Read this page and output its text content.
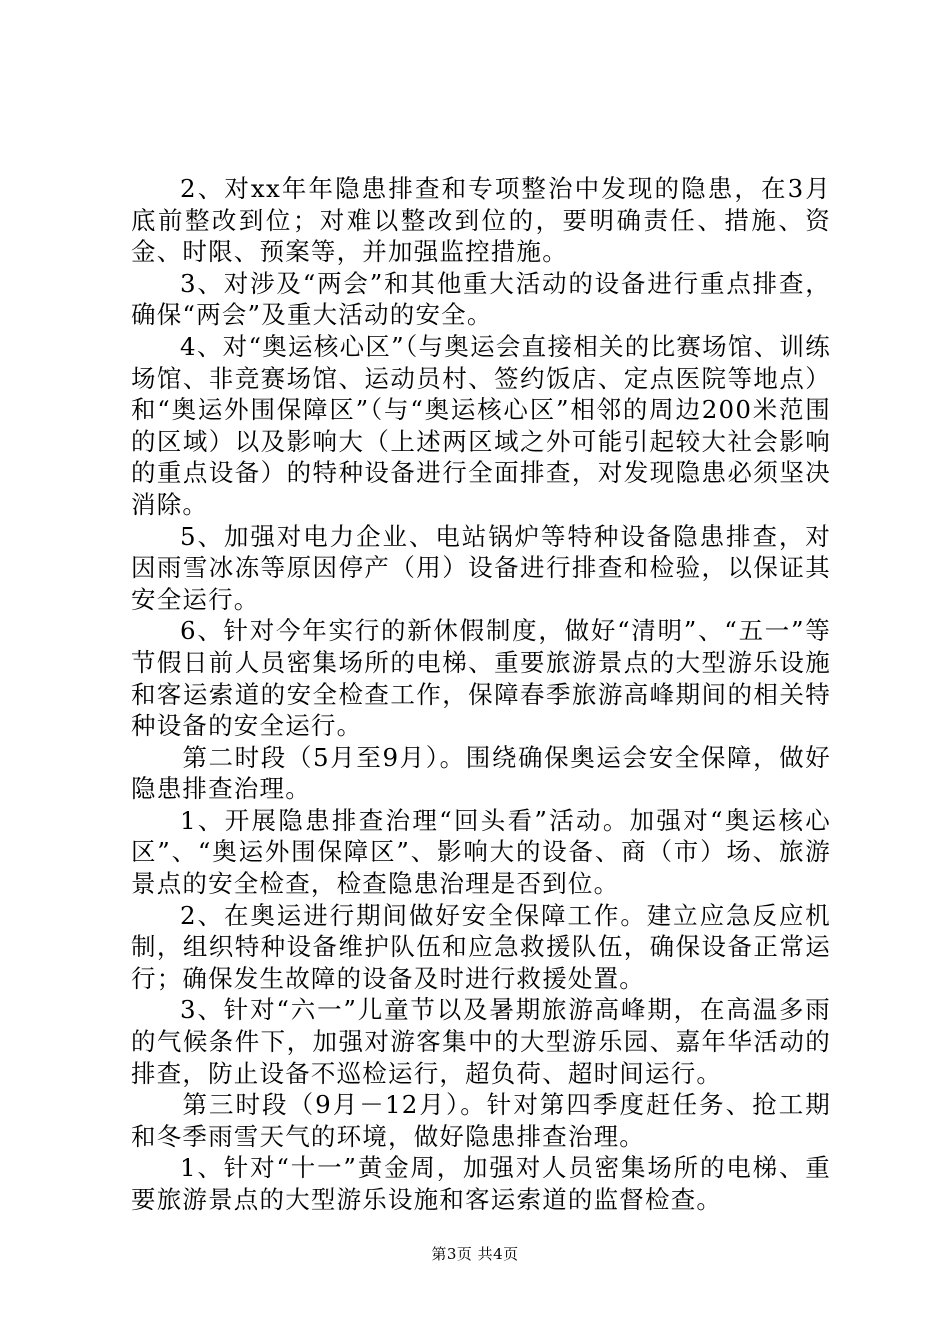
2、对xx年年隐患排查和专项整治中发现的隐患，在3月底前整改到位；对难以整改到位的，要明确责任、措施、资金、时限、预案等，并加强监控措施。

3、对涉及“两会”和其他重大活动的设备进行重点排查，确保“两会”及重大活动的安全。

4、对“奥运核心区”（与奥运会直接相关的比赛场馆、训练场馆、非竞赛场馆、运动员村、签约饭店、定点医院等地点）和“奥运外围保障区”（与“奥运核心区”相邻的周边200米范围的区域）以及影响大（上述两区域之外可能引起较大社会影响的重点设备）的特种设备进行全面排查，对发现隐患必须坚决消除。

5、加强对电力企业、电站锅炉等特种设备隐患排查，对因雨雪冰冻等原因停产（用）设备进行排查和检验，以保证其安全运行。

6、针对今年实行的新休假制度，做好“清明”、“五一”等节假日前人员密集场所的电梯、重要旅游景点的大型游乐设施和客运索道的安全检查工作，保障春季旅游高峰期间的相关特种设备的安全运行。

第二时段（5月至9月）。围绕确保奥运会安全保障，做好隐患排查治理。

1、开展隐患排查治理“回头看”活动。加强对“奥运核心区”、“奥运外围保障区”、影响大的设备、商（市）场、旅游景点的安全检查，检查隐患治理是否到位。

2、在奥运进行期间做好安全保障工作。建立应急反应机制，组织特种设备维护队伍和应急救援队伍，确保设备正常运行；确保发生故障的设备及时进行救援处置。

3、针对“六一”儿童节以及暑期旅游高峰期，在高温多雨的气候条件下，加强对游客集中的大型游乐园、嘉年华活动的排查，防止设备不巡检运行，超负荷、超时间运行。

第三时段（9月－12月）。针对第四季度赶任务、抢工期和冬季雨雪天气的环境，做好隐患排查治理。

1、针对“十一”黄金周，加强对人员密集场所的电梯、重要旅游景点的大型游乐设施和客运索道的监督检查。

第3页 共4页
